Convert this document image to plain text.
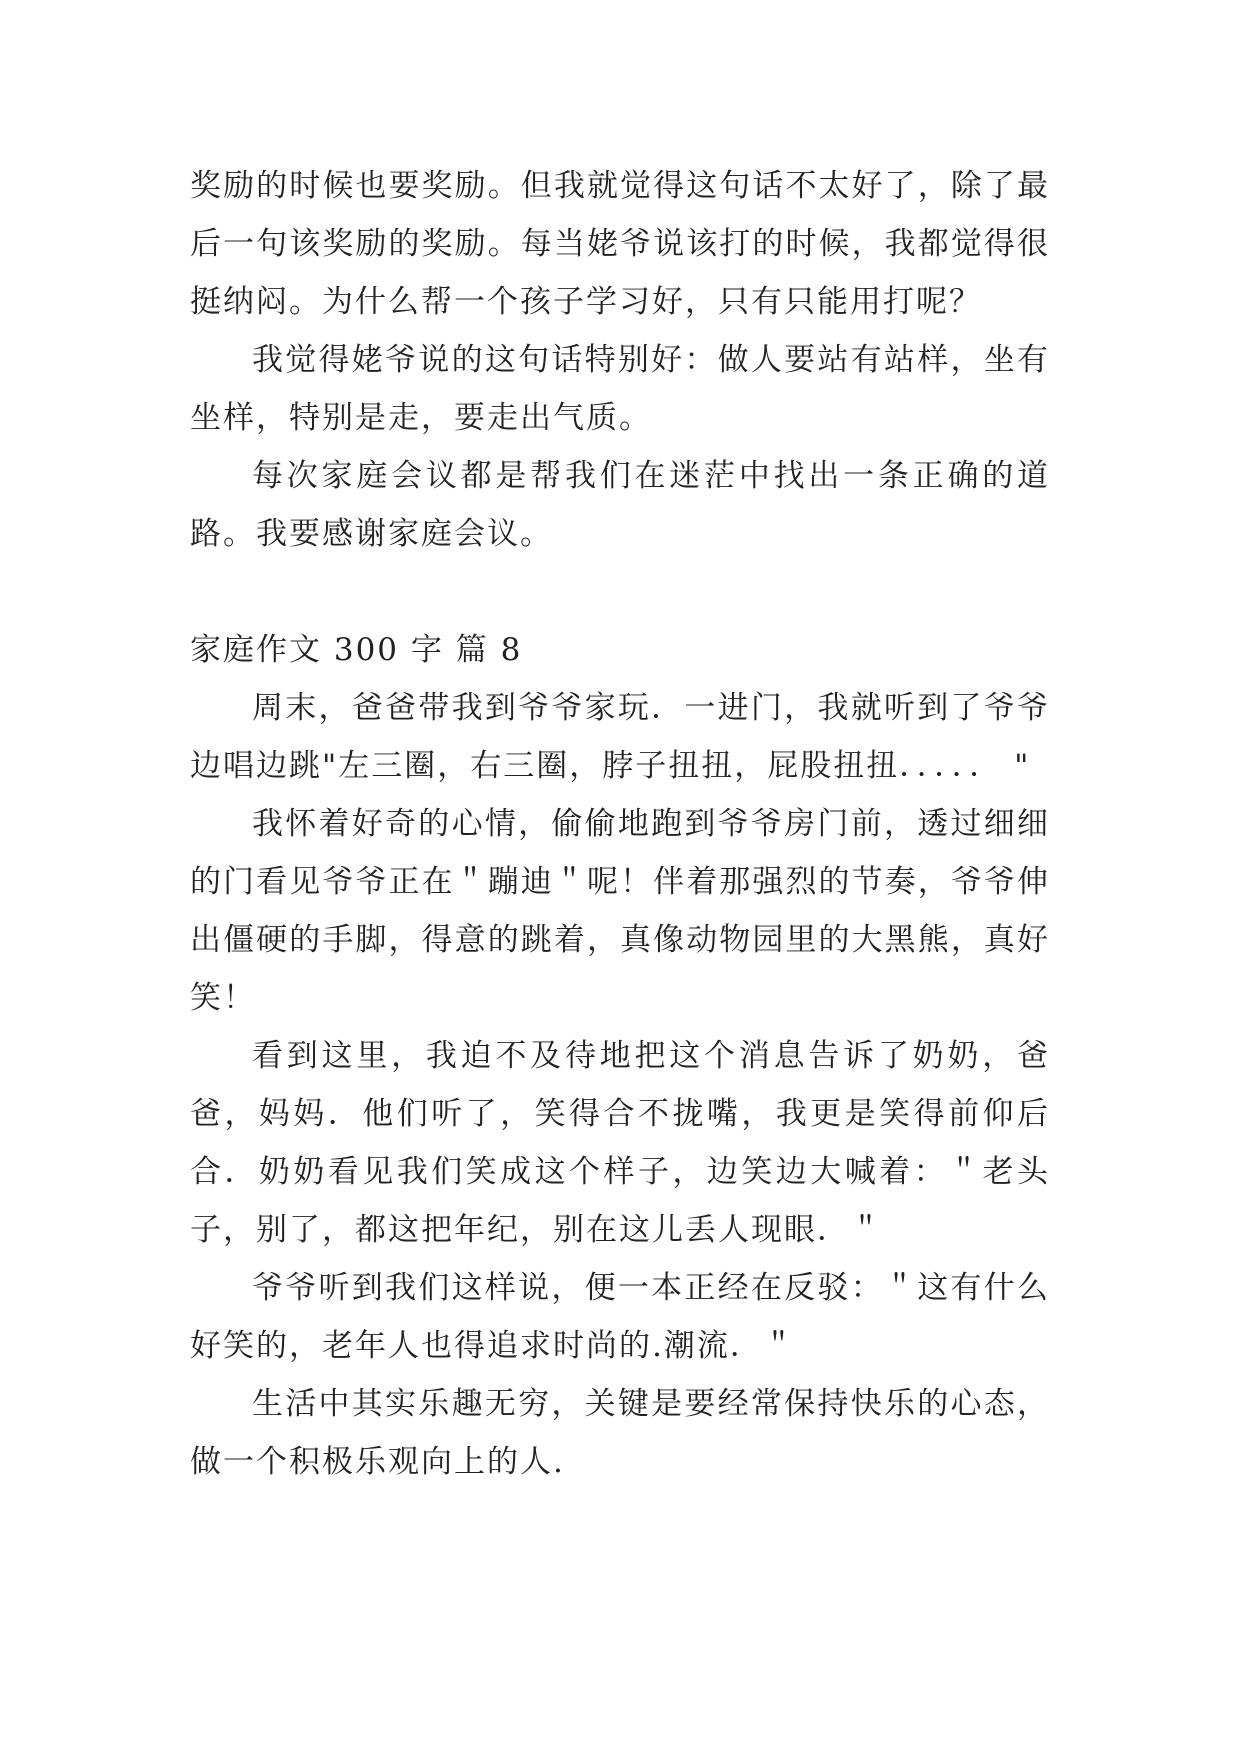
奖励的时候也要奖励。但我就觉得这句话不太好了，除了最后一句该奖励的奖励。每当姥爷说该打的时候，我都觉得很挺纳闷。为什么帮一个孩子学习好，只有只能用打呢？

我觉得姥爷说的这句话特别好：做人要站有站样，坐有坐样，特别是走，要走出气质。

每次家庭会议都是帮我们在迷茫中找出一条正确的道路。我要感谢家庭会议。

家庭作文 300 字 篇 8

周末，爸爸带我到爷爷家玩．一进门，我就听到了爷爷边唱边跳"左三圈，右三圈，脖子扭扭，屁股扭扭．．．．． "

我怀着好奇的心情，偷偷地跑到爷爷房门前，透过细细的门看见爷爷正在＂蹦迪＂呢！伴着那强烈的节奏，爷爷伸出僵硬的手脚，得意的跳着，真像动物园里的大黑熊，真好笑！

看到这里，我迫不及待地把这个消息告诉了奶奶，爸爸，妈妈．他们听了，笑得合不拢嘴，我更是笑得前仰后合．奶奶看见我们笑成这个样子，边笑边大喊着：＂老头子，别了，都这把年纪，别在这儿丢人现眼．＂

爷爷听到我们这样说，便一本正经在反驳：＂这有什么好笑的，老年人也得追求时尚的.潮流．＂

生活中其实乐趣无穷，关键是要经常保持快乐的心态，做一个积极乐观向上的人.
